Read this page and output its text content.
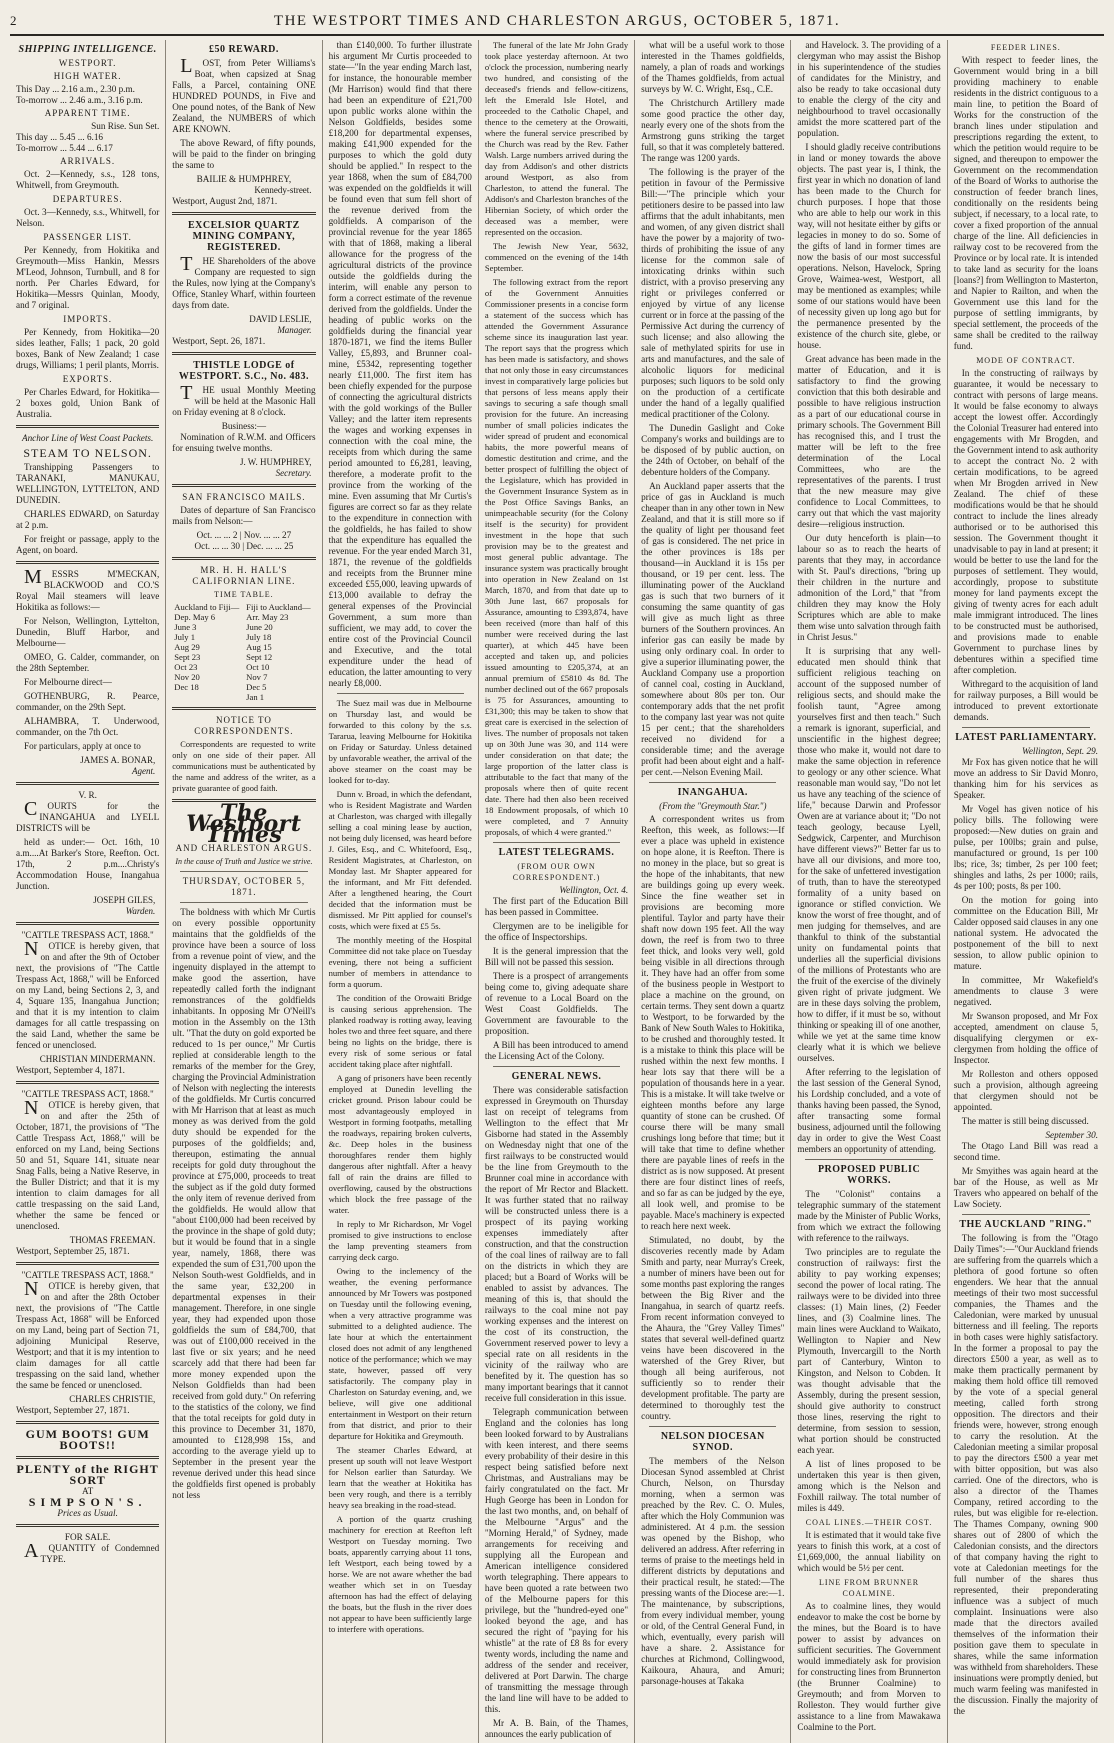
2	THE WESTPORT TIMES AND CHARLESTON ARGUS, OCTOBER 5, 1871.
SHIPPING INTELLIGENCE.
WESTPORT.
HIGH WATER.
This Day ... 2.16 a.m., 2.30 p.m.
To-morrow ... 2.46 a.m., 3.16 p.m.
APPARENT TIME.
Sun Rise. Sun Set.
This day ... 5.45 ... 6.16
To-morrow ... 5.44 ... 6.17
ARRIVALS.

Oct. 2—Kennedy, s.s., 128 tons, Whitwell, from Greymouth.

DEPARTURES.

Oct. 3—Kennedy, s.s., Whitwell, for Nelson.

PASSENGER LIST.

Per Kennedy, from Hokitika and Greymouth—Miss Hankin, Messrs M'Leod, Johnson, Turnbull, and 8 for north. Per Charles Edward, for Hokitika—Messrs Quinlan, Moody, and 7 original.

IMPORTS.

Per Kennedy, from Hokitika—20 sides leather, Falls; 1 pack, 20 gold boxes, Bank of New Zealand; 1 case drugs, Williams; 1 peril plants, Morris.

EXPORTS.

Per Charles Edward, for Hokitika—2 boxes gold, Union Bank of Australia.

Anchor Line of West Coast Packets.
STEAM TO NELSON.

Transhipping Passengers to TARANAKI, MANUKAU, WELLINGTON, LYTTELTON, AND DUNEDIN.

CHARLES EDWARD, on Saturday at 2 p.m.

For freight or passage, apply to the Agent, on board.

MESSRS M'MECKAN, BLACKWOOD and CO.'S Royal Mail steamers will leave Hokitika as follows:—

For Nelson, Wellington, Lyttelton, Dunedin, Bluff Harbor, and Melbourne—

OMEO, G. Calder, commander, on the 28th September.

For Melbourne direct—

GOTHENBURG, R. Pearce, commander, on the 29th Sept.

ALHAMBRA, T. Underwood, commander, on the 7th Oct.

For particulars, apply at once to

JAMES A. BONAR,
Agent.
V. R.

COURTS for the INANGAHUA and LYELL DISTRICTS will be

held as under:— Oct. 16th, 10 a.m....At Barker's Store, Reefton. Oct. 17th, 2 p.m....Christy's Accommodation House, Inangahua Junction.

JOSEPH GILES,
Warden.
"CATTLE TRESPASS ACT, 1868."

NOTICE is hereby given, that on and after the 9th of October next, the provisions of "The Cattle Trespass Act, 1868," will be Enforced on my Land, being Sections 2, 3, and 4, Square 135, Inangahua Junction; and that it is my intention to claim damages for all cattle trespassing on the said Land, whether the same be fenced or unenclosed.

CHRISTIAN MINDERMANN.
Westport, September 4, 1871.
"CATTLE TRESPASS ACT, 1868."

NOTICE is hereby given, that on and after the 25th of October, 1871, the provisions of "The Cattle Trespass Act, 1868," will be enforced on my Land, being Sections 50 and 51, Square 141, situate near Snag Falls, being a Native Reserve, in the Buller District; and that it is my intention to claim damages for all cattle trespassing on the said Land, whether the same be fenced or unenclosed.

THOMAS FREEMAN.
Westport, September 25, 1871.
"CATTLE TRESPASS ACT, 1868."

NOTICE is hereby given, that on and after the 28th October next, the provisions of "The Cattle Trespass Act, 1868" will be Enforced on my Land, being part of Section 71, adjoining Municipal Reserve, Westport; and that it is my intention to claim damages for all cattle trespassing on the said land, whether the same be fenced or unenclosed.

CHARLES CHRISTIE,
Westport, September 27, 1871.
GUM BOOTS! GUM BOOTS!!
PLENTY of the RIGHT SORT
AT
SIMPSON'S.
Prices as Usual.
FOR SALE.

AQUANTITY of Condemned TYPE.

£50 REWARD.

LOST, from Peter Williams's Boat, when capsized at Snag Falls, a Parcel, containing ONE HUNDRED POUNDS, in Five and One pound notes, of the Bank of New Zealand, the NUMBERS of which ARE KNOWN.

The above Reward, of fifty pounds, will be paid to the finder on bringing the same to

BAILIE & HUMPHREY,
Kennedy-street.
Westport, August 2nd, 1871.
EXCELSIOR QUARTZ MINING COMPANY, REGISTERED.

THE Shareholders of the above Company are requested to sign the Rules, now lying at the Company's Office, Stanley Wharf, within fourteen days from date.

DAVID LESLIE,
Manager.
Westport, Sept. 26, 1871.
THISTLE LODGE of WESTPORT. S.C., No. 483.

THE usual Monthly Meeting will be held at the Masonic Hall on Friday evening at 8 o'clock.

Business:—

Nomination of R.W.M. and Officers for ensuing twelve months.

J. W. HUMPHREY,
Secretary.
SAN FRANCISCO MAILS.

Dates of departure of San Francisco mails from Nelson:—

Oct. ... ... 2 | Nov. ... ... 27
Oct. ... ... 30 | Dec. ... ... 25
MR. H. H. HALL'S CALIFORNIAN LINE.
TIME TABLE.
Auckland to Fiji—	Fiji to Auckland—
Dep. May 6	Arr. May 23
June 3	June 20
July 1	July 18
Aug 29	Aug 15
Sept 23	Sept 12
Oct 23	Oct 10
Nov 20	Nov 7
Dec 18	Dec 5
	Jan 1
NOTICE TO CORRESPONDENTS.

Correspondents are requested to write only on one side of their paper. All communications must be authenticated by the name and address of the writer, as a private guarantee of good faith.

The Westport Times
AND CHARLESTON ARGUS.
In the cause of Truth and Justice we strive.
THURSDAY, OCTOBER 5, 1871.

The boldness with which Mr Curtis on every possible opportunity maintains that the goldfields of the province have been a source of loss from a revenue point of view, and the ingenuity displayed in the attempt to make good the assertion, have repeatedly called forth the indignant remonstrances of the goldfields inhabitants. In opposing Mr O'Neill's motion in the Assembly on the 13th ult. "That the duty on gold exported be reduced to 1s per ounce," Mr Curtis replied at considerable length to the remarks of the member for the Grey, charging the Provincial Administration of Nelson with neglecting the interests of the goldfields. Mr Curtis concurred with Mr Harrison that at least as much money as was derived from the gold duty should be expended for the purposes of the goldfields; and, thereupon, estimating the annual receipts for gold duty throughout the province at £75,000, proceeds to treat the subject as if the gold duty formed the only item of revenue derived from the goldfields. He would allow that "about £100,000 had been received by the province in the shape of gold duty; but it would be found that in a single year, namely, 1868, there was expended the sum of £31,700 upon the Nelson South-west Goldfields, and in the same year, £32,200 in departmental expenses in their management. Therefore, in one single year, they had expended upon those goldfields the sum of £84,700, that was out of £100,000 received in the last five or six years; and he need scarcely add that there had been far more money expended upon the Nelson Goldfields than had been received from gold duty." On referring to the statistics of the colony, we find that the total receipts for gold duty in this province to December 31, 1870, amounted to £128,998 15s, and according to the average yield up to September in the present year the revenue derived under this head since the goldfields first opened is probably not less

than £140,000. To further illustrate his argument Mr Curtis proceeded to state—"In the year ending March last, for instance, the honourable member (Mr Harrison) would find that there had been an expenditure of £21,700 upon public works alone within the Nelson Goldfields, besides some £18,200 for departmental expenses, making £41,900 expended for the purposes to which the gold duty should be applied." In respect to the year 1868, when the sum of £84,700 was expended on the goldfields it will be found even that sum fell short of the revenue derived from the goldfields. A comparison of the provincial revenue for the year 1865 with that of 1868, making a liberal allowance for the progress of the agricultural districts of the province outside the goldfields during the interim, will enable any person to form a correct estimate of the revenue derived from the goldfields. Under the heading of public works on the goldfields during the financial year 1870-1871, we find the items Buller Valley, £5,893, and Brunner coal-mine, £5342, representing together nearly £11,000. The first item has been chiefly expended for the purpose of connecting the agricultural districts with the gold workings of the Buller Valley; and the latter item represents the wages and working expenses in connection with the coal mine, the receipts from which during the same period amounted to £6,281, leaving, therefore, a moderate profit to the province from the working of the mine. Even assuming that Mr Curtis's figures are correct so far as they relate to the expenditure in connection with the goldfields, he has failed to show that the expenditure has equalled the revenue. For the year ended March 31, 1871, the revenue of the goldfields and receipts from the Brunner mine exceeded £55,000, leaving upwards of £13,000 available to defray the general expenses of the Provincial Government, a sum more than sufficient, we may add, to cover the entire cost of the Provincial Council and Executive, and the total expenditure under the head of education, the latter amounting to very nearly £8,000.

The Suez mail was due in Melbourne on Thursday last, and would be forwarded to this colony by the s.s. Tararua, leaving Melbourne for Hokitika on Friday or Saturday. Unless detained by unfavorable weather, the arrival of the above steamer on the coast may be looked for to-day.

Dunn v. Broad, in which the defendant, who is Resident Magistrate and Warden at Charleston, was charged with illegally selling a coal mining lease by auction, not being duly licensed, was heard before J. Giles, Esq., and C. Whitefoord, Esq., Resident Magistrates, at Charleston, on Monday last. Mr Shapter appeared for the informant, and Mr Fitt defended. After a lengthened hearing, the Court decided that the information must be dismissed. Mr Pitt applied for counsel's costs, which were fixed at £5 5s.

The monthly meeting of the Hospital Committee did not take place on Tuesday evening, there not being a sufficient number of members in attendance to form a quorum.

The condition of the Orowaiti Bridge is causing serious apprehension. The planked roadway is rotting away, leaving holes two and three feet square, and there being no lights on the bridge, there is every risk of some serious or fatal accident taking place after nightfall.

A gang of prisoners have been recently employed at Dunedin levelling the cricket ground. Prison labour could be most advantageously employed in Westport in forming footpaths, metalling the roadways, repairing broken culverts, &c. Deep holes in the business thoroughfares render them highly dangerous after nightfall. After a heavy fall of rain the drains are filled to overflowing, caused by the obstructions which block the free passage of the water.

In reply to Mr Richardson, Mr Vogel promised to give instructions to enclose the lamp preventing steamers from carrying deck cargo.

Owing to the inclemency of the weather, the evening performance announced by Mr Towers was postponed on Tuesday until the following evening, when a very attractive programme was submitted to a delighted audience. The late hour at which the entertainment closed does not admit of any lengthened notice of the performance; which we may state, however, passed off very satisfactorily. The company play in Charleston on Saturday evening, and, we believe, will give one additional entertainment in Westport on their return from that district, and prior to their departure for Hokitika and Greymouth.

The steamer Charles Edward, at present up south will not leave Westport for Nelson earlier than Saturday. We learn that the weather at Hokitika has been very rough, and there is a terribly heavy sea breaking in the road-stead.

A portion of the quartz crushing machinery for erection at Reefton left Westport on Tuesday morning. Two boats, apparently carrying about 11 tons, left Westport, each being towed by a horse. We are not aware whether the bad weather which set in on Tuesday afternoon has had the effect of delaying the boats, but the flush in the river does not appear to have been sufficiently large to interfere with operations.

The funeral of the late Mr John Grady took place yesterday afternoon. At two o'clock the procession, numbering nearly two hundred, and consisting of the deceased's friends and fellow-citizens, left the Emerald Isle Hotel, and proceeded to the Catholic Chapel, and thence to the cemetery at the Orowaiti, where the funeral service prescribed by the Church was read by the Rev. Father Walsh. Large numbers arrived during the day from Addison's and other districts around Westport, as also from Charleston, to attend the funeral. The Addison's and Charleston branches of the Hibernian Society, of which order the deceased was a member, were represented on the occasion.

The Jewish New Year, 5632, commenced on the evening of the 14th September.

The following extract from the report of the Government Annuities Commissioner presents in a concise form a statement of the success which has attended the Government Assurance scheme since its inauguration last year. The report says that the progress which has been made is satisfactory, and shows that not only those in easy circumstances invest in comparatively large policies but that persons of less means apply their savings to securing a safe though small provision for the future. An increasing number of small policies indicates the wider spread of prudent and economical habits, the more powerful means of domestic destitution and crime, and the better prospect of fulfilling the object of the Legislature, which has provided in the Government Insurance System as in the Post Office Savings Banks, an unimpeachable security (for the Colony itself is the security) for provident investment in the hope that such provision may be to the greatest and most general public advantage. The insurance system was practically brought into operation in New Zealand on 1st March, 1870, and from that date up to 30th June last, 667 proposals for Assurance, amounting to £393,874, have been received (more than half of this number were received during the last quarter), at which 445 have been accepted and taken up, and policies issued amounting to £205,374, at an annual premium of £5810 4s 8d. The number declined out of the 667 proposals is 75 for Assurances, amounting to £31,300; this may be taken to show that great care is exercised in the selection of lives. The number of proposals not taken up on 30th June was 30, and 114 were under consideration on that date; the large proportion of the latter class is attributable to the fact that many of the proposals where then of quite recent date. There had then also been received 18 Endowment proposals, of which 10 were completed, and 7 Annuity proposals, of which 4 were granted."

LATEST TELEGRAMS.
(FROM OUR OWN CORRESPONDENT.)
Wellington, Oct. 4.

The first part of the Education Bill has been passed in Committee.

Clergymen are to be ineligible for the office of Inspectorships.

It is the general impression that the Bill will not be passed this session.

There is a prospect of arrangements being come to, giving adequate share of revenue to a Local Board on the West Coast Goldfields. The Government are favourable to the proposition.

A Bill has been introduced to amend the Licensing Act of the Colony.

GENERAL NEWS.

There was considerable satisfaction expressed in Greymouth on Thursday last on receipt of telegrams from Wellington to the effect that Mr Gisborne had stated in the Assembly on Wednesday night that one of the first railways to be constructed would be the line from Greymouth to the Brunner coal mine in accordance with the report of Mr Rector and Blackett. It was further stated that no railway will be constructed unless there is a prospect of its paying working expenses immediately after construction, and that the construction of the coal lines of railway are to fall on the districts in which they are placed; but a Board of Works will be enabled to assist by advances. The meaning of this is, that should the railways to the coal mine not pay working expenses and the interest on the cost of its construction, the Government reserved power to levy a special rate on all residents in the vicinity of the railway who are benefited by it. The question has so many important bearings that it cannot receive full consideration in this issue.

Telegraph communication between England and the colonies has long been looked forward to by Australians with keen interest, and there seems every probability of their desire in this respect being satisfied before next Christmas, and Australians may be fairly congratulated on the fact. Mr Hugh George has been in London for the last two months, and, on behalf of the Melbourne "Argus" and the "Morning Herald," of Sydney, made arrangements for receiving and supplying all the European and American intelligence considered worth telegraphing. There appears to have been quoted a rate between two of the Melbourne papers for this privilege, but the "hundred-eyed one" looked beyond the age, and has secured the right of "paying for his whistle" at the rate of £8 8s for every twenty words, including the name and address of the sender and receiver, delivered at Port Darwin. The charge of transmitting the message through the land line will have to be added to this.

Mr A. B. Bain, of the Thames, announces the early publication of

what will be a useful work to those interested in the Thames goldfields, namely, a plan of roads and workings of the Thames goldfields, from actual surveys by W. C. Wright, Esq., C.E.

The Christchurch Artillery made some good practice the other day, nearly every one of the shots from the Armstrong guns striking the target full, so that it was completely battered. The range was 1200 yards.

The following is the prayer of the petition in favour of the Permissive Bill:—"The principle which your petitioners desire to be passed into law affirms that the adult inhabitants, men and women, of any given district shall have the power by a majority of two-thirds of prohibiting the issue of any license for the common sale of intoxicating drinks within such district, with a proviso preserving any right or privileges conferred or enjoyed by virtue of any license current or in force at the passing of the Permissive Act during the currency of such license; and also allowing the sale of methylated spirits for use in arts and manufactures, and the sale of alcoholic liquors for medicinal purposes; such liquors to be sold only on the production of a certificate under the hand of a legally qualified medical practitioner of the Colony.

The Dunedin Gaslight and Coke Company's works and buildings are to be disposed of by public auction, on the 24th of October, on behalf of the debenture holders of the Company.

An Auckland paper asserts that the price of gas in Auckland is much cheaper than in any other town in New Zealand, and that it is still more so if the quality of light per thousand feet of gas is considered. The net price in the other provinces is 18s per thousand—in Auckland it is 15s per thousand, or 19 per cent. less. The illuminating power of the Auckland gas is such that two burners of it consuming the same quantity of gas will give as much light as three burners of the Southern provinces. An inferior gas can easily be made by using only ordinary coal. In order to give a superior illuminating power, the Auckland Company use a proportion of cannel coal, costing in Auckland, somewhere about 80s per ton. Our contemporary adds that the net profit to the company last year was not quite 15 per cent.; that the shareholders received no dividend for a considerable time; and the average profit had been about eight and a half-per cent.—Nelson Evening Mail.

INANGAHUA.
(From the "Greymouth Star.")

A correspondent writes us from Reefton, this week, as follows:—If ever a place was upheld in existence on hope alone, it is Reefton. There is no money in the place, but so great is the hope of the inhabitants, that new are buildings going up every week. Since the fine weather set in provisions are becoming more plentiful. Taylor and party have their shaft now down 195 feet. All the way down, the reef is from two to three feet thick, and looks very well, gold being visible in all directions through it. They have had an offer from some of the business people in Westport to place a machine on the ground, on certain terms. They sent down a quartz to Westport, to be forwarded by the Bank of New South Wales to Hokitika, to be crushed and thoroughly tested. It is a mistake to think this place will be rushed within the next few months. I hear lots say that there will be a population of thousands here in a year. This is a mistake. It will take twelve or eighteen months before any large quantity of stone can be crushed. Of course there will be many small crushings long before that time; but it will take that time to define whether there are payable lines of reefs in the district as is now supposed. At present there are four distinct lines of reefs, and so far as can be judged by the eye, all look well, and promise to be payable. Mace's machinery is expected to reach here next week.

Stimulated, no doubt, by the discoveries recently made by Adam Smith and party, near Murray's Creek, a number of miners have been out for some months past exploring the ranges between the Big River and the Inangahua, in search of quartz reefs. From recent information conveyed to the Ahaura, the "Grey Valley Times" states that several well-defined quartz veins have been discovered in the watershed of the Grey River, but though all being auriferous, not sufficiently so to render their development profitable. The party are determined to thoroughly test the country.

NELSON DIOCESAN SYNOD.

The members of the Nelson Diocesan Synod assembled at Christ Church, Nelson, on Thursday morning, when a sermon was preached by the Rev. C. O. Mules, after which the Holy Communion was administered. At 4 p.m. the session was opened by the Bishop, who delivered an address. After referring in terms of praise to the meetings held in different districts by deputations and their practical result, he stated:—The pressing wants of the Diocese are:—1. The maintenance, by subscriptions, from every individual member, young or old, of the Central General Fund, in which, eventually, every parish will have a share. 2. Assistance for churches at Richmond, Collingwood, Kaikoura, Ahaura, and Amuri; parsonage-houses at Takaka

and Havelock. 3. The providing of a clergyman who may assist the Bishop in his superintendence of the studies of candidates for the Ministry, and also be ready to take occasional duty to enable the clergy of the city and neighbourhood to travel occasionally amidst the more scattered part of the population.

I should gladly receive contributions in land or money towards the above objects. The past year is, I think, the first year in which no donation of land has been made to the Church for church purposes. I hope that those who are able to help our work in this way, will not hesitate either by gifts or legacies in money to do so. Some of the gifts of land in former times are now the basis of our most successful operations. Nelson, Havelock, Spring Grove, Waimea-west, Westport, all may be mentioned as examples; while some of our stations would have been of necessity given up long ago but for the permanence presented by the existence of the church site, glebe, or house.

Great advance has been made in the matter of Education, and it is satisfactory to find the growing conviction that this both desirable and possible to have religious instruction as a part of our educational course in primary schools. The Government Bill has recognised this, and I trust the matter will be left to the free determination of the Local Committees, who are the representatives of the parents. I trust that the new measure may give confidence to Local Committees, to carry out that which the vast majority desire—religious instruction.

Our duty henceforth is plain—to labour so as to reach the hearts of parents that they may, in accordance with St. Paul's directions, "bring up their children in the nurture and admonition of the Lord," that "from children they may know the Holy Scriptures which are able to make them wise unto salvation through faith in Christ Jesus."

It is surprising that any well-educated men should think that sufficient religious teaching on account of the supposed number of religious sects, and should make the foolish taunt, "Agree among yourselves first and then teach." Such a remark is ignorant, superficial, and unscientific in the highest degree; those who make it, would not dare to make the same objection in reference to geology or any other science. What reasonable man would say, "Do not let us have any teaching of the science of life," because Darwin and Professor Owen are at variance about it; "Do not teach geology, because Lyell, Sedgwick, Carpenter, and Murchison have different views?" Better far us to have all our divisions, and more too, for the sake of unfettered investigation of truth, than to have the stereotyped formality of a unity based on ignorance or stifled conviction. We know the worst of free thought, and of men judging for themselves, and are thankful to think of the substantial unity on fundamental points that underlies all the superficial divisions of the millions of Protestants who are the fruit of the exercise of the divinely given right of private judgment. We are in these days solving the problem, how to differ, if it must be so, without thinking or speaking ill of one another, while we yet at the same time know clearly what it is which we believe ourselves.

After referring to the legislation of the last session of the General Synod, his Lordship concluded, and a vote of thanks having been passed, the Synod, after transacting some formal business, adjourned until the following day in order to give the West Coast members an opportunity of attending.

PROPOSED PUBLIC WORKS.

The "Colonist" contains a telegraphic summary of the statement made by the Minister of Public Works, from which we extract the following with reference to the railways.

Two principles are to regulate the construction of railways: first the ability to pay working expenses; second the power of local rating. The railways were to be divided into three classes: (1) Main lines, (2) Feeder lines, and (3) Coalmine lines. The main lines were Auckland to Waikato, Wellington to Napier and New Plymouth, Invercargill to the North part of Canterbury, Winton to Kingston, and Nelson to Cobden. It was thought advisable that the Assembly, during the present session, should give authority to construct those lines, reserving the right to determine, from session to session, what portion should be constructed each year.

A list of lines proposed to be undertaken this year is then given, among which is the Nelson and Foxhill railway. The total number of miles is 449.

COAL LINES.—THEIR COST.

It is estimated that it would take five years to finish this work, at a cost of £1,669,000, the annual liability on which would be 5½ per cent.

LINE FROM BRUNNER COALMINE.

As to coalmine lines, they would endeavor to make the cost be borne by the mines, but the Board is to have power to assist by advances on sufficient securities. The Government would immediately ask for provision for constructing lines from Brunnerton (the Brunner Coalmine) to Greymouth; and from Morven to Rolleston. They would further give assistance to a line from Mawakawa Coalmine to the Port.

FEEDER LINES.

With respect to feeder lines, the Government would bring in a bill providing machinery to enable residents in the district contiguous to a main line, to petition the Board of Works for the construction of the branch lines under stipulation and prescriptions regarding the extent, to which the petition would require to be signed, and thereupon to empower the Government on the recommendation of the Board of Works to authorise the construction of feeder branch lines, conditionally on the residents being subject, if necessary, to a local rate, to cover a fixed proportion of the annual charge of the line. All deficiencies in railway cost to be recovered from the Province or by local rate. It is intended to take land as security for the loans [loans?] from Wellington to Masterton, and Napier to Railton, and when the Government use this land for the purpose of settling immigrants, by special settlement, the proceeds of the same shall be credited to the railway fund.

MODE OF CONTRACT.

In the constructing of railways by guarantee, it would be necessary to contract with persons of large means. It would be false economy to always accept the lowest offer. Accordingly the Colonial Treasurer had entered into engagements with Mr Brogden, and the Government intend to ask authority to accept the contract No. 2 with certain modifications, to be agreed when Mr Brogden arrived in New Zealand. The chief of these modifications would be that he should contract to include the lines already authorised or to be authorised this session. The Government thought it unadvisable to pay in land at present; it would be better to use the land for the purposes of settlement. They would, accordingly, propose to substitute money for land payments except the giving of twenty acres for each adult male immigrant introduced. The lines to be constructed must be authorised, and provisions made to enable Government to purchase lines by debentures within a specified time after completion.

Withregard to the acquisition of land for railway purposes, a Bill would be introduced to prevent extortionate demands.

LATEST PARLIAMENTARY.
Wellington, Sept. 29.

Mr Fox has given notice that he will move an address to Sir David Monro, thanking him for his services as Speaker.

Mr Vogel has given notice of his policy bills. The following were proposed:—New duties on grain and pulse, per 100lbs; grain and pulse, manufactured or ground, 1s per 100 lbs; rice, 3s; timber, 2s per 100 feet; shingles and laths, 2s per 1000; rails, 4s per 100; posts, 8s per 100.

On the motion for going into committee on the Education Bill, Mr Calder opposed said clauses in any one national system. He advocated the postponement of the bill to next session, to allow public opinion to mature.

In committee, Mr Wakefield's amendments to clause 3 were negatived.

Mr Swanson proposed, and Mr Fox accepted, amendment on clause 5, disqualifying clergymen or ex-clergymen from holding the office of Inspector.

Mr Rolleston and others opposed such a provision, although agreeing that clergymen should not be appointed.

The matter is still being discussed.

September 30.

The Otago Land Bill was read a second time.

Mr Smyithes was again heard at the bar of the House, as well as Mr Travers who appeared on behalf of the Law Society.

THE AUCKLAND "RING."

The following is from the "Otago Daily Times":—"Our Auckland friends are suffering from the quarrels which a plethora of good fortune so often engenders. We hear that the annual meetings of their two most successful companies, the Thames and the Caledonian, were marked by unusual bitterness and ill feeling. The reports in both cases were highly satisfactory. In the former a proposal to pay the directors £500 a year, as well as to make them practically permanent by making them hold office till removed by the vote of a special general meeting, called forth strong opposition. The directors and their friends were, however, strong enough to carry the resolution. At the Caledonian meeting a similar proposal to pay the directors £500 a year met with bitter opposition, but was also carried. One of the directors, who is also a director of the Thames Company, retired according to the rules, but was eligible for re-election. The Thames Company, owning 900 shares out of 2800 of which the Caledonian consists, and the directors of that company having the right to vote at Caledonian meetings for the full number of the shares thus represented, their preponderating influence was a subject of much complaint. Insinuations were also made that the directors availed themselves of the information their position gave them to speculate in shares, while the same information was withheld from shareholders. These insinuations were promptly denied, but much warm feeling was manifested in the discussion. Finally the majority of the
